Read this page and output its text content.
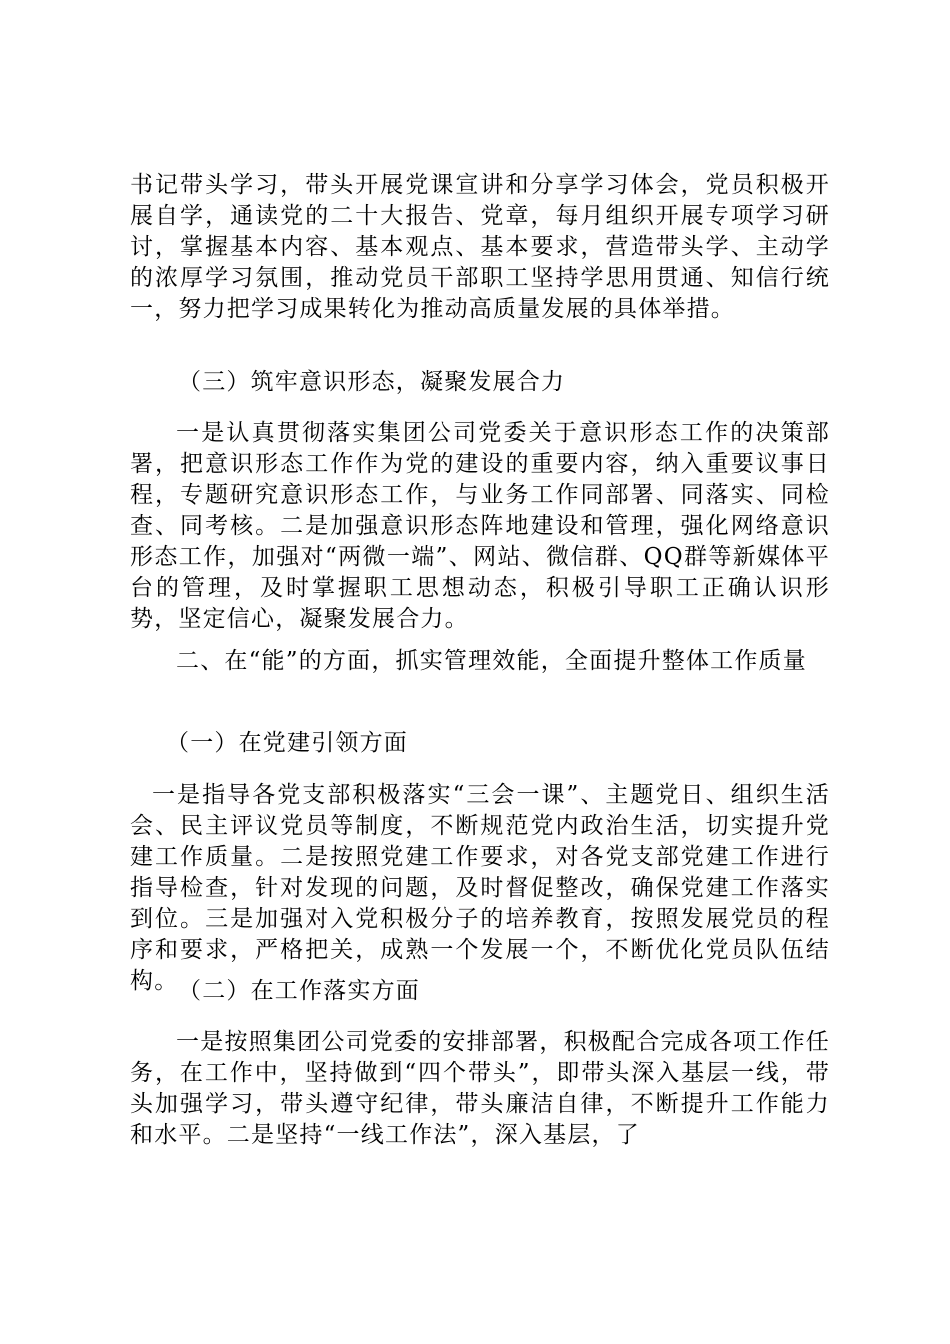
书记带头学习，带头开展党课宣讲和分享学习体会，党员积极开展自学，通读党的二十大报告、党章，每月组织开展专项学习研讨，掌握基本内容、基本观点、基本要求，营造带头学、主动学的浓厚学习氛围，推动党员干部职工坚持学思用贯通、知信行统一，努力把学习成果转化为推动高质量发展的具体举措。

（三）筑牢意识形态，凝聚发展合力

一是认真贯彻落实集团公司党委关于意识形态工作的决策部署，把意识形态工作作为党的建设的重要内容，纳入重要议事日程，专题研究意识形态工作，与业务工作同部署、同落实、同检查、同考核。二是加强意识形态阵地建设和管理，强化网络意识形态工作，加强对“两微一端”、网站、微信群、QQ群等新媒体平台的管理，及时掌握职工思想动态，积极引导职工正确认识形势，坚定信心，凝聚发展合力。

二、在“能”的方面，抓实管理效能，全面提升整体工作质量

（一）在党建引领方面

一是指导各党支部积极落实“三会一课”、主题党日、组织生活会、民主评议党员等制度，不断规范党内政治生活，切实提升党建工作质量。二是按照党建工作要求，对各党支部党建工作进行指导检查，针对发现的问题，及时督促整改，确保党建工作落实到位。三是加强对入党积极分子的培养教育，按照发展党员的程序和要求，严格把关，成熟一个发展一个，不断优化党员队伍结构。 （二）在工作落实方面

一是按照集团公司党委的安排部署，积极配合完成各项工作任务，在工作中，坚持做到“四个带头”，即带头深入基层一线，带头加强学习，带头遵守纪律，带头廉洁自律，不断提升工作能力和水平。二是坚持“一线工作法”，深入基层，了
